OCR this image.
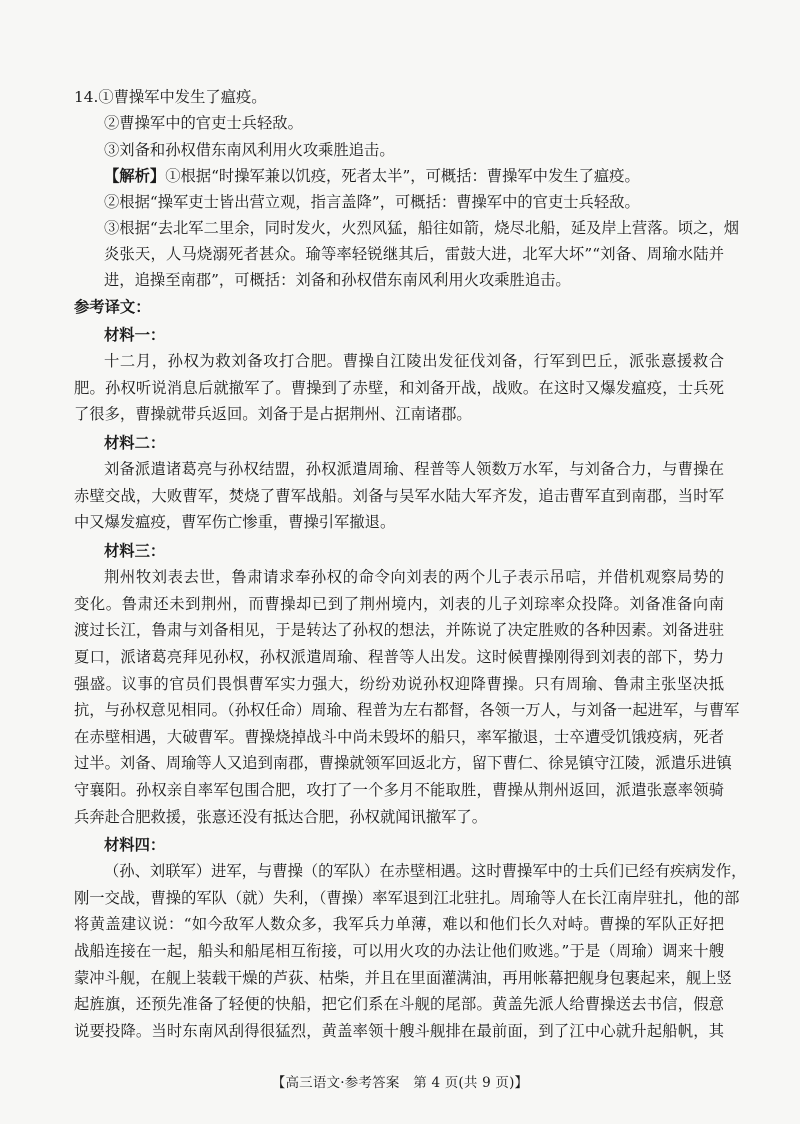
14.①曹操军中发生了瘟疫。
②曹操军中的官吏士兵轻敌。
③刘备和孙权借东南风利用火攻乘胜追击。
【解析】①根据“时操军兼以饥疫，死者太半”，可概括：曹操军中发生了瘟疫。
②根据“操军吏士皆出营立观，指言盖降”，可概括：曹操军中的官吏士兵轻敌。
③根据“去北军二里余，同时发火，火烈风猛，船往如箭，烧尽北船，延及岸上营落。顷之，烟
炎张天，人马烧溺死者甚众。瑜等率轻锐继其后，雷鼓大进，北军大坏”“刘备、周瑜水陆并
进，追操至南郡”，可概括：刘备和孙权借东南风利用火攻乘胜追击。
参考译文：
材料一：
十二月，孙权为救刘备攻打合肥。曹操自江陵出发征伐刘备，行军到巴丘，派张憙援救合
肥。孙权听说消息后就撤军了。曹操到了赤壁，和刘备开战，战败。在这时又爆发瘟疫，士兵死
了很多，曹操就带兵返回。刘备于是占据荆州、江南诸郡。
材料二：
刘备派遣诸葛亮与孙权结盟，孙权派遣周瑜、程普等人领数万水军，与刘备合力，与曹操在
赤壁交战，大败曹军，焚烧了曹军战船。刘备与吴军水陆大军齐发，追击曹军直到南郡，当时军
中又爆发瘟疫，曹军伤亡惨重，曹操引军撤退。
材料三：
荆州牧刘表去世，鲁肃请求奉孙权的命令向刘表的两个儿子表示吊唁，并借机观察局势的
变化。鲁肃还未到荆州，而曹操却已到了荆州境内，刘表的儿子刘琮率众投降。刘备准备向南
渡过长江，鲁肃与刘备相见，于是转达了孙权的想法，并陈说了决定胜败的各种因素。刘备进驻
夏口，派诸葛亮拜见孙权，孙权派遣周瑜、程普等人出发。这时候曹操刚得到刘表的部下，势力
强盛。议事的官员们畏惧曹军实力强大，纷纷劝说孙权迎降曹操。只有周瑜、鲁肃主张坚决抵
抗，与孙权意见相同。（孙权任命）周瑜、程普为左右都督，各领一万人，与刘备一起进军，与曹军
在赤壁相遇，大破曹军。曹操烧掉战斗中尚未毁坏的船只，率军撤退，士卒遭受饥饿疫病，死者
过半。刘备、周瑜等人又追到南郡，曹操就领军回返北方，留下曹仁、徐晃镇守江陵，派遣乐进镇
守襄阳。孙权亲自率军包围合肥，攻打了一个多月不能取胜，曹操从荆州返回，派遣张憙率领骑
兵奔赴合肥救援，张憙还没有抵达合肥，孙权就闻讯撤军了。
材料四：
（孙、刘联军）进军，与曹操（的军队）在赤壁相遇。这时曹操军中的士兵们已经有疾病发作，
刚一交战，曹操的军队（就）失利，（曹操）率军退到江北驻扎。周瑜等人在长江南岸驻扎，他的部
将黄盖建议说：“如今敌军人数众多，我军兵力单薄，难以和他们长久对峙。曹操的军队正好把
战船连接在一起，船头和船尾相互衔接，可以用火攻的办法让他们败逃。”于是（周瑜）调来十艘
蒙冲斗舰，在舰上装载干燥的芦荻、枯柴，并且在里面灌满油，再用帐幕把舰身包裹起来，舰上竖
起旌旗，还预先准备了轻便的快船，把它们系在斗舰的尾部。黄盖先派人给曹操送去书信，假意
说要投降。当时东南风刮得很猛烈，黄盖率领十艘斗舰排在最前面，到了江中心就升起船帆，其
【高三语文·参考答案　第 4 页(共 9 页)】
